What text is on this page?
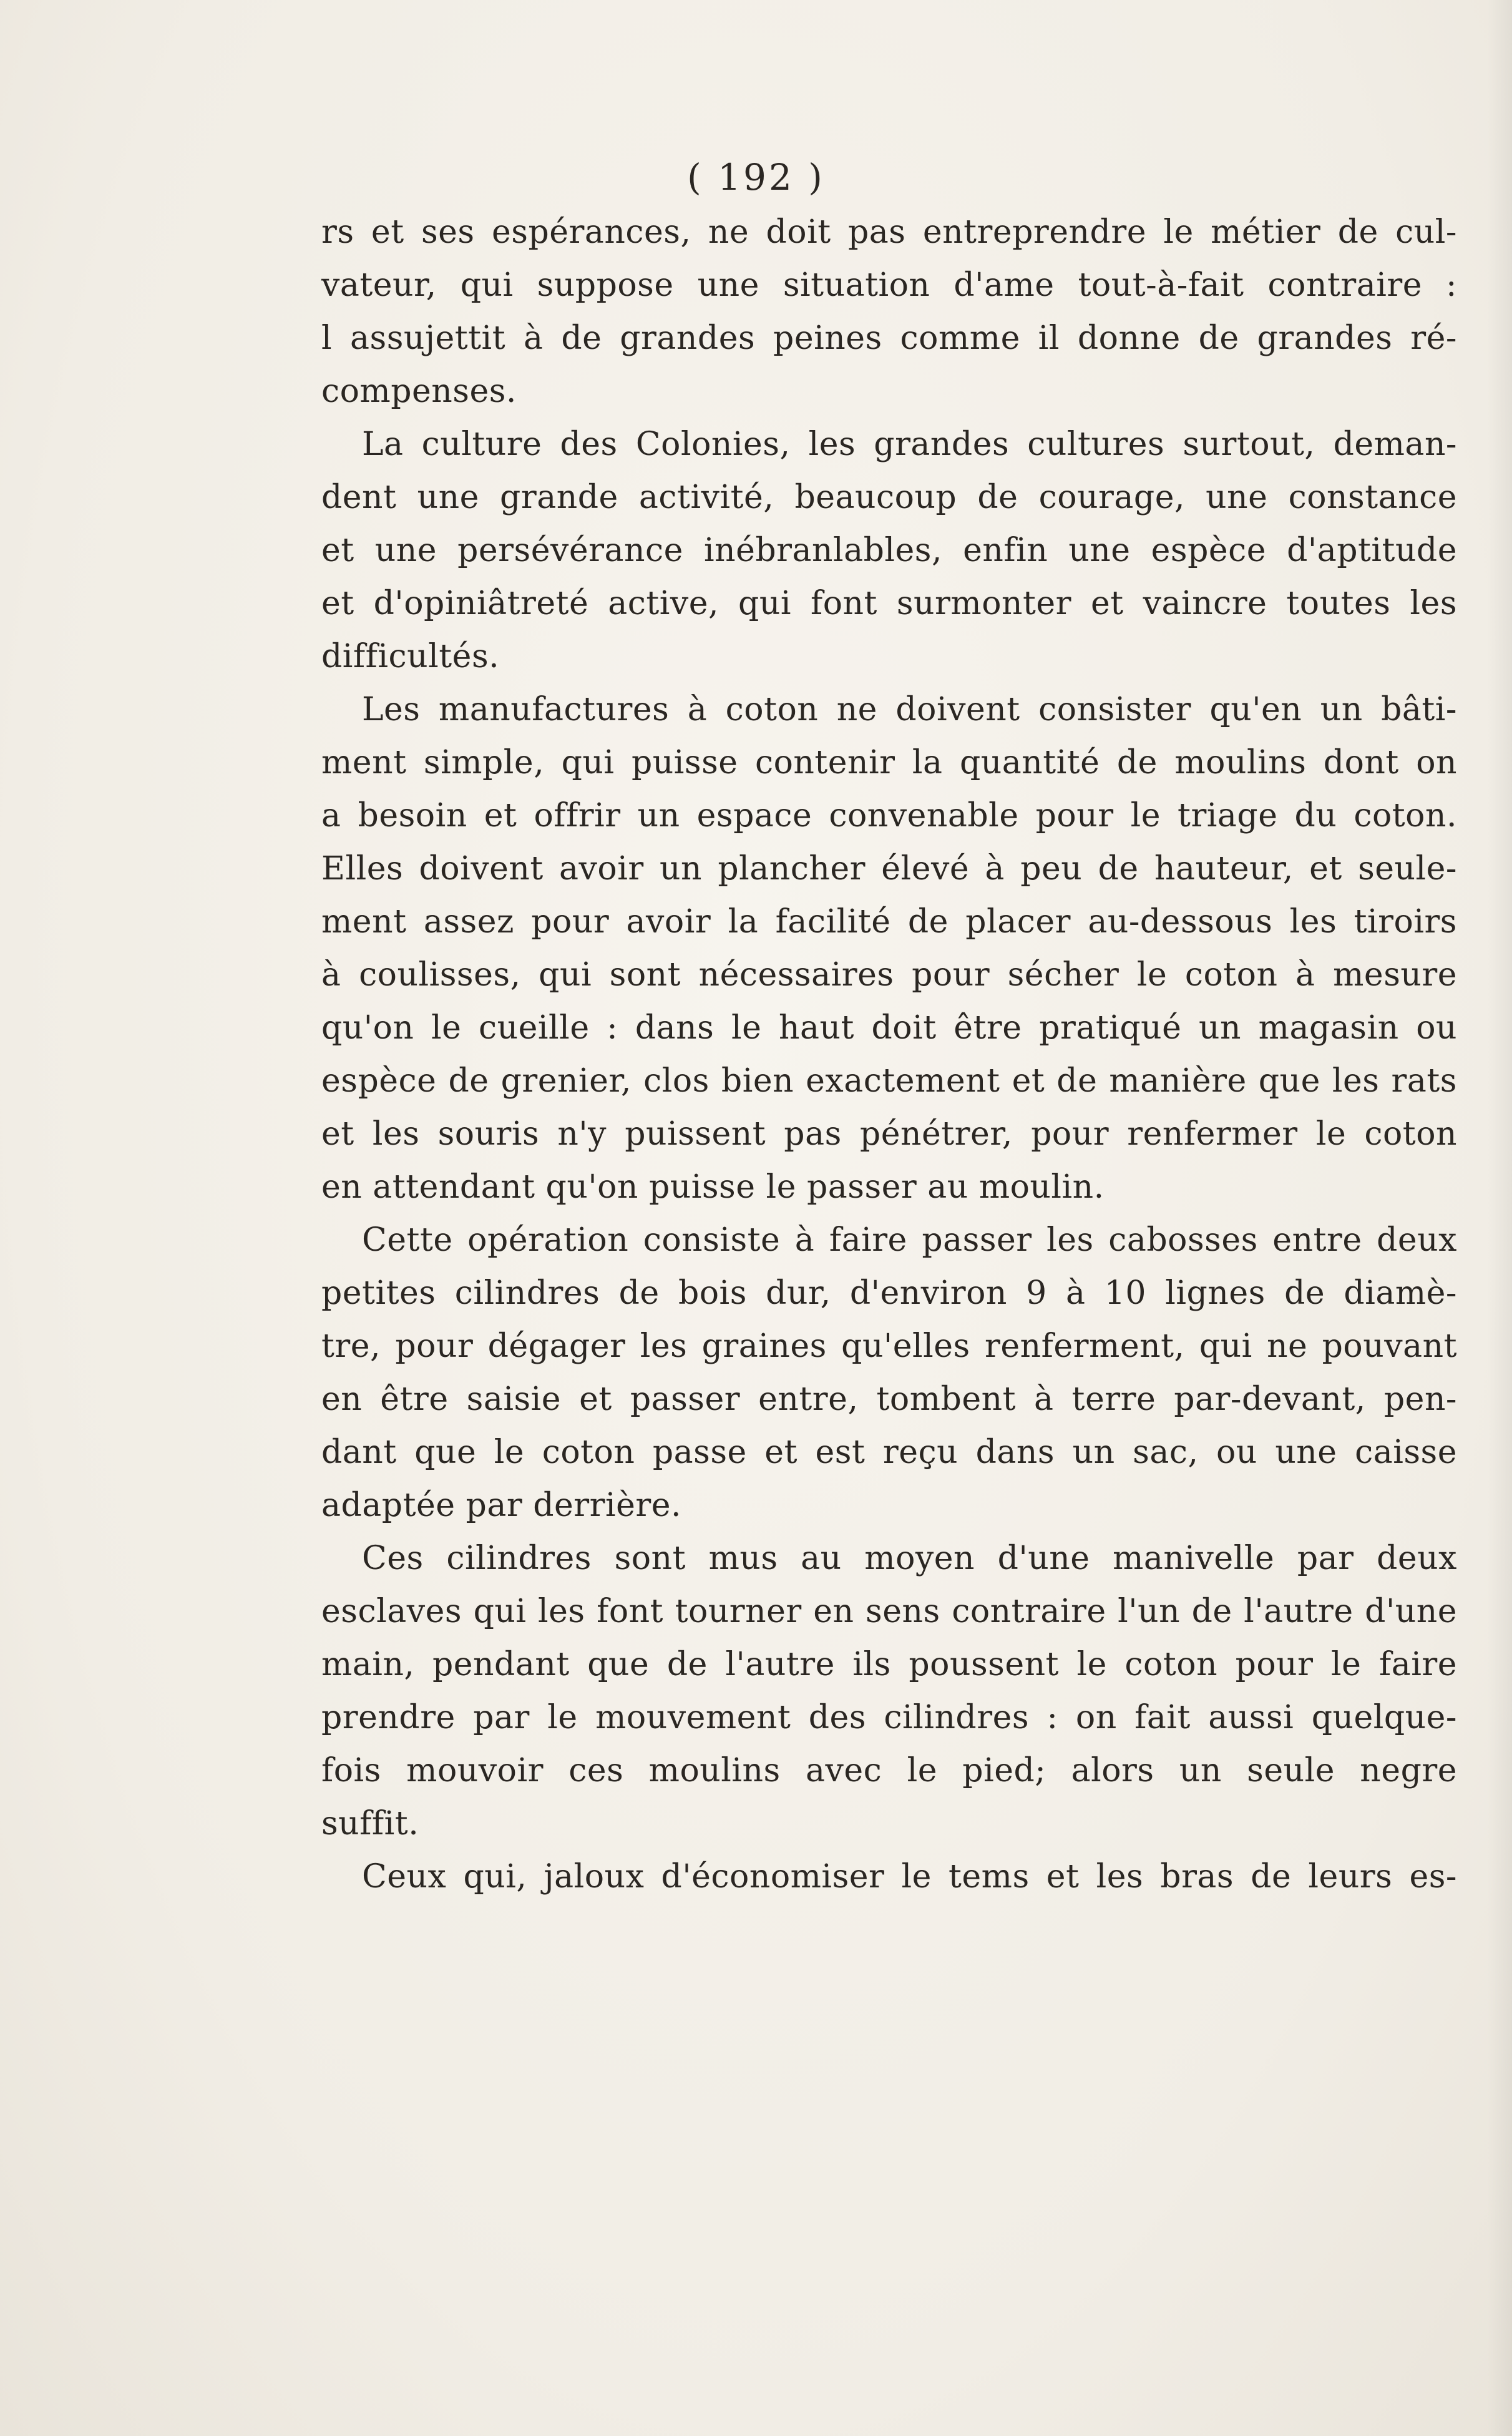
( 192 )
rs et ses espérances, ne doit pas entreprendre le métier de cul-
vateur, qui suppose une situation d'ame tout-à-fait contraire :
l assujettit à de grandes peines comme il donne de grandes ré-
compenses.
La culture des Colonies, les grandes cultures surtout, deman-
dent une grande activité, beaucoup de courage, une constance
et une persévérance inébranlables, enfin une espèce d'aptitude
et d'opiniâtreté active, qui font surmonter et vaincre toutes les
difficultés.
Les manufactures à coton ne doivent consister qu'en un bâti-
ment simple, qui puisse contenir la quantité de moulins dont on
a besoin et offrir un espace convenable pour le triage du coton.
Elles doivent avoir un plancher élevé à peu de hauteur, et seule-
ment assez pour avoir la facilité de placer au-dessous les tiroirs
à coulisses, qui sont nécessaires pour sécher le coton à mesure
qu'on le cueille : dans le haut doit être pratiqué un magasin ou
espèce de grenier, clos bien exactement et de manière que les rats
et les souris n'y puissent pas pénétrer, pour renfermer le coton
en attendant qu'on puisse le passer au moulin.
Cette opération consiste à faire passer les cabosses entre deux
petites cilindres de bois dur, d'environ 9 à 10 lignes de diamè-
tre, pour dégager les graines qu'elles renferment, qui ne pouvant
en être saisie et passer entre, tombent à terre par-devant, pen-
dant que le coton passe et est reçu dans un sac, ou une caisse
adaptée par derrière.
Ces cilindres sont mus au moyen d'une manivelle par deux
esclaves qui les font tourner en sens contraire l'un de l'autre d'une
main, pendant que de l'autre ils poussent le coton pour le faire
prendre par le mouvement des cilindres : on fait aussi quelque-
fois mouvoir ces moulins avec le pied; alors un seule negre
suffit.
Ceux qui, jaloux d'économiser le tems et les bras de leurs es-
